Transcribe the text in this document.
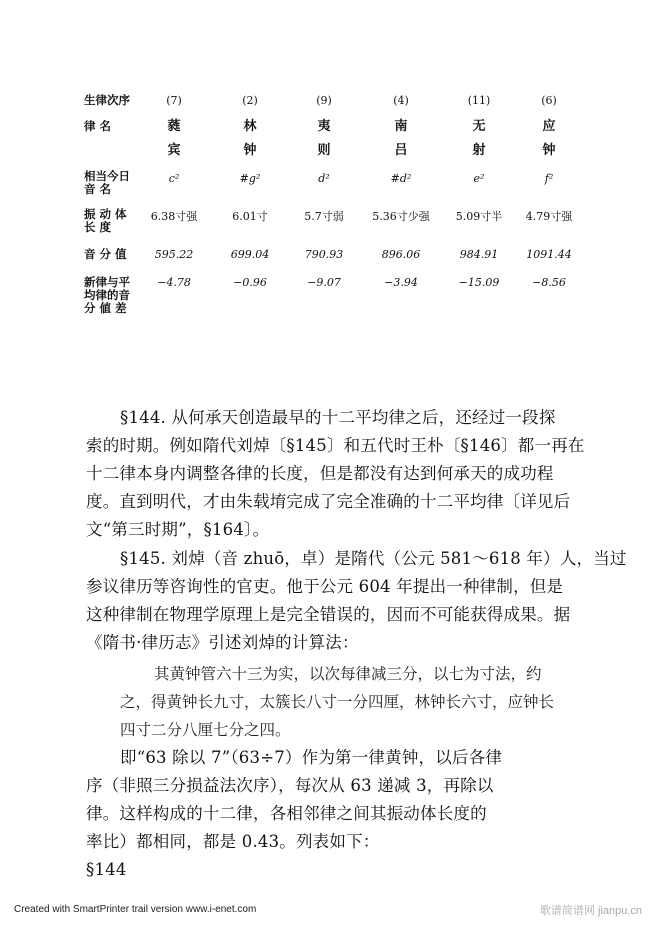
生律次序
律 名
相当今日
音 名
振 动 体
长 度
音 分 值
新律与平
均律的音
分 値 差
(7)
蕤
宾
c²
6.38寸强
595.22
−4.78
(2)
林
钟
#g²
6.01寸
699.04
−0.96
(9)
夷
则
d²
5.7寸弱
790.93
−9.07
(4)
南
吕
#d²
5.36寸少强
896.06
−3.94
(11)
无
射
e²
5.09寸半
984.91
−15.09
(6)
应
钟
f²
4.79寸强
1091.44
−8.56
§144. 从何承天创造最早的十二平均律之后，还经过一段探
索的时期。例如隋代刘焯〔§145〕和五代时王朴〔§146〕都一再在
十二律本身内调整各律的长度，但是都没有达到何承天的成功程
度。直到明代，才由朱载堉完成了完全准确的十二平均律〔详见后
文“第三时期”，§164〕。
§145. 刘焯（音 zhuō，卓）是隋代（公元 581～618 年）人，当过
参议律历等咨询性的官吏。他于公元 604 年提出一种律制，但是
这种律制在物理学原理上是完全错误的，因而不可能获得成果。据
《隋书·律历志》引述刘焯的计算法：
其黄钟管六十三为实，以次每律减三分，以七为寸法，约
之，得黄钟长九寸，太簇长八寸一分四厘，林钟长六寸，应钟长
四寸二分八厘七分之四。
即“63 除以 7”（63÷7）作为第一律黄钟，以后各律
序（非照三分损益法次序），每次从 63 递减 3，再除以
律。这样构成的十二律，各相邻律之间其振动体长度的
率比）都相同，都是 0.43。列表如下：
§144
Created with SmartPrinter trail version www.i-enet.com	歌谱简谱网 jianpu.cn
